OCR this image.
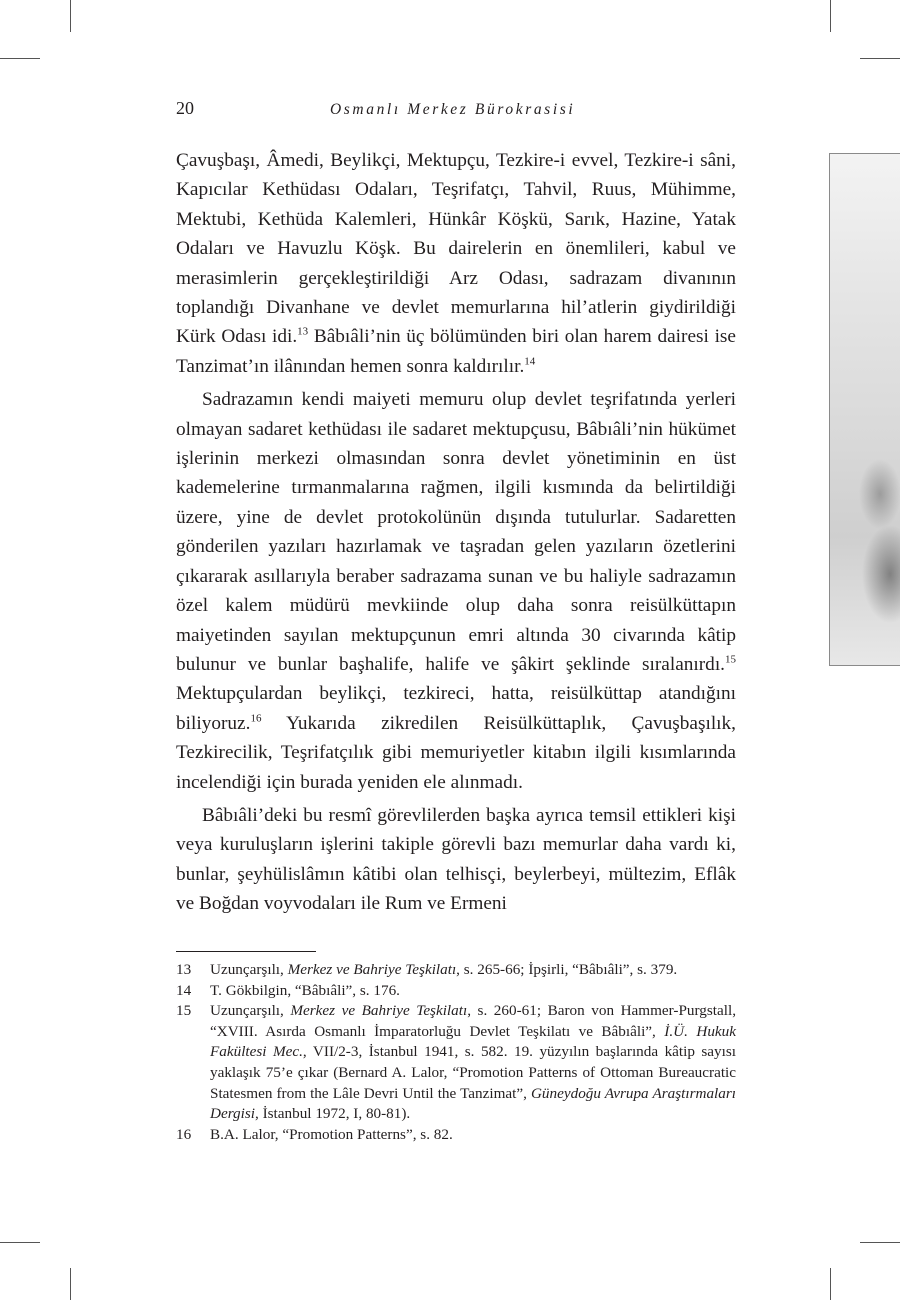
20	Osmanlı Merkez Bürokrasisi

Çavuşbaşı, Âmedi, Beylikçi, Mektupçu, Tezkire-i evvel, Tezkire-i sâni, Kapıcılar Kethüdası Odaları, Teşrifatçı, Tahvil, Ruus, Mühimme, Mektubi, Kethüda Kalemleri, Hünkâr Köşkü, Sarık, Hazine, Yatak Odaları ve Havuzlu Köşk. Bu dairelerin en önemlileri, kabul ve merasimlerin gerçekleştirildiği Arz Odası, sadrazam divanının toplandığı Divanhane ve devlet memurlarına hil’atlerin giydirildiği Kürk Odası idi.$^{13}$ Bâbıâli’nin üç bölümünden biri olan harem dairesi ise Tanzimat’ın ilânından hemen sonra kaldırılır.$^{14}$

Sadrazamın kendi maiyeti memuru olup devlet teşrifatında yerleri olmayan sadaret kethüdası ile sadaret mektupçusu, Bâbıâli’nin hükümet işlerinin merkezi olmasından sonra devlet yönetiminin en üst kademelerine tırmanmalarına rağmen, ilgili kısmında da belirtildiği üzere, yine de devlet protokolünün dışında tutulurlar. Sadaretten gönderilen yazıları hazırlamak ve taşradan gelen yazıların özetlerini çıkararak asıllarıyla beraber sadrazama sunan ve bu haliyle sadrazamın özel kalem müdürü mevkiinde olup daha sonra reisülküttapın maiyetinden sayılan mektupçunun emri altında 30 civarında kâtip bulunur ve bunlar başhalife, halife ve şâkirt şeklinde sıralanırdı.$^{15}$ Mektupçulardan beylikçi, tezkireci, hatta, reisülküttap atandığını biliyoruz.$^{16}$ Yukarıda zikredilen Reisülküttaplık, Çavuşbaşılık, Tezkirecilik, Teşrifatçılık gibi memuriyetler kitabın ilgili kısımlarında incelendiği için burada yeniden ele alınmadı.

Bâbıâli’deki bu resmî görevlilerden başka ayrıca temsil ettikleri kişi veya kuruluşların işlerini takiple görevli bazı memurlar daha vardı ki, bunlar, şeyhülislâmın kâtibi olan telhisçi, beylerbeyi, mültezim, Eflâk ve Boğdan voyvodaları ile Rum ve Ermeni

13	Uzunçarşılı, Merkez ve Bahriye Teşkilatı, s. 265-66; İpşirli, “Bâbıâli”, s. 379.
14	T. Gökbilgin, “Bâbıâli”, s. 176.
15	Uzunçarşılı, Merkez ve Bahriye Teşkilatı, s. 260-61; Baron von Hammer-Purgstall, “XVIII. Asırda Osmanlı İmparatorluğu Devlet Teşkilatı ve Bâbıâli”, İ.Ü. Hukuk Fakültesi Mec., VII/2-3, İstanbul 1941, s. 582. 19. yüzyılın başlarında kâtip sayısı yaklaşık 75’e çıkar (Bernard A. Lalor, “Promotion Patterns of Ottoman Bureaucratic Statesmen from the Lâle Devri Until the Tanzimat”, Güneydoğu Avrupa Araştırmaları Dergisi, İstanbul 1972, I, 80-81).
16	B.A. Lalor, “Promotion Patterns”, s. 82.
